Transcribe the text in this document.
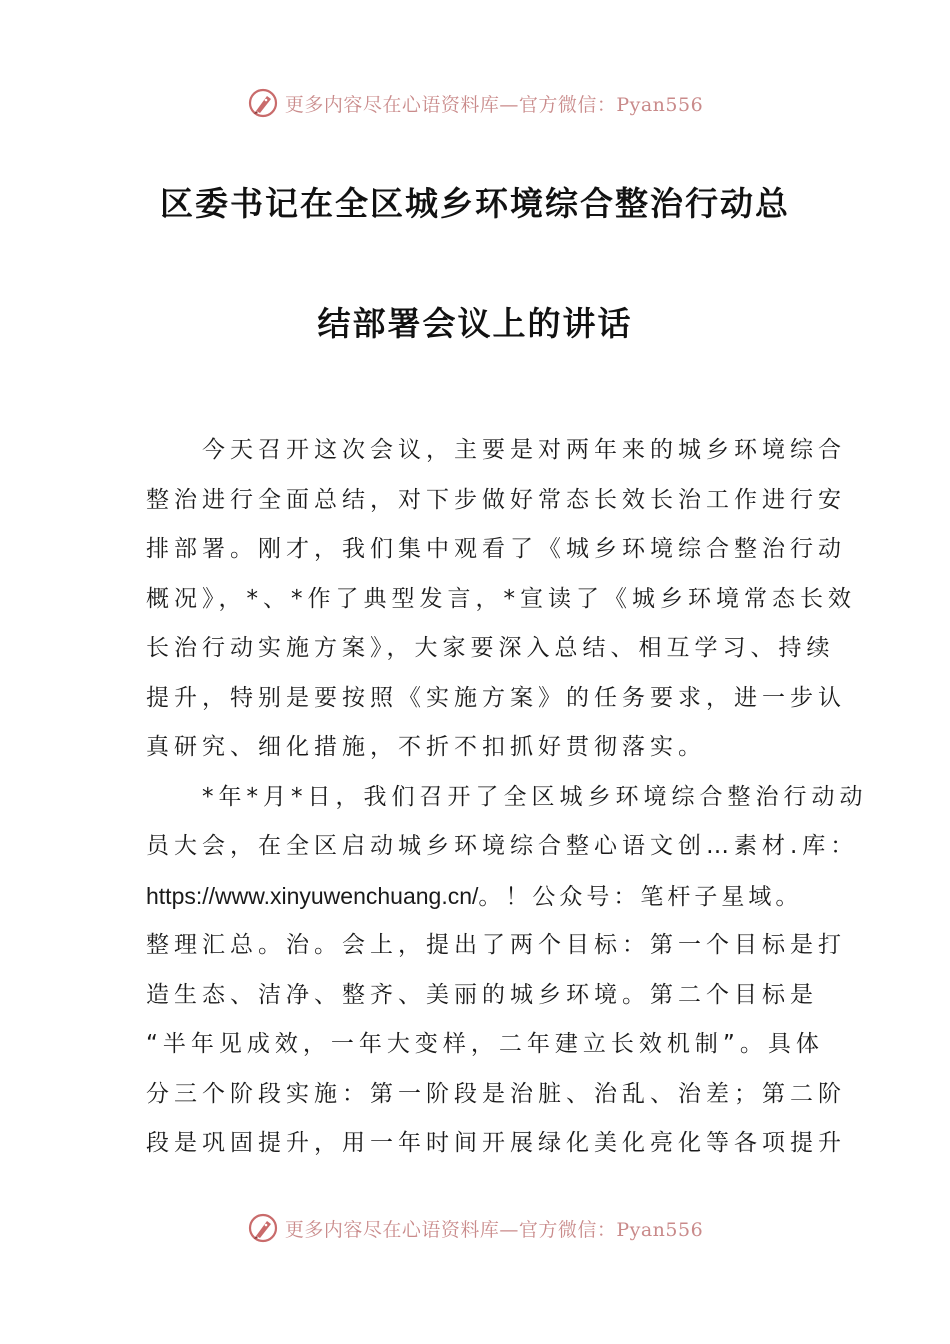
更多内容尽在心语资料库—官方微信：Pyan556
区委书记在全区城乡环境综合整治行动总
结部署会议上的讲话
　　今天召开这次会议，主要是对两年来的城乡环境综合
整治进行全面总结，对下步做好常态长效长治工作进行安
排部署。刚才，我们集中观看了《城乡环境综合整治行动
概况》，*、*作了典型发言，*宣读了《城乡环境常态长效
长治行动实施方案》，大家要深入总结、相互学习、持续
提升，特别是要按照《实施方案》的任务要求，进一步认
真研究、细化措施，不折不扣抓好贯彻落实。
　　*年*月*日，我们召开了全区城乡环境综合整治行动动
员大会，在全区启动城乡环境综合整心语文创…素材.库：
https://www.xinyuwenchuang.cn/。！公众号：笔杆子星域。
整理汇总。治。会上，提出了两个目标：第一个目标是打
造生态、洁净、整齐、美丽的城乡环境。第二个目标是
“半年见成效，一年大变样，二年建立长效机制”。具体
分三个阶段实施：第一阶段是治脏、治乱、治差；第二阶
段是巩固提升，用一年时间开展绿化美化亮化等各项提升
更多内容尽在心语资料库—官方微信：Pyan556
